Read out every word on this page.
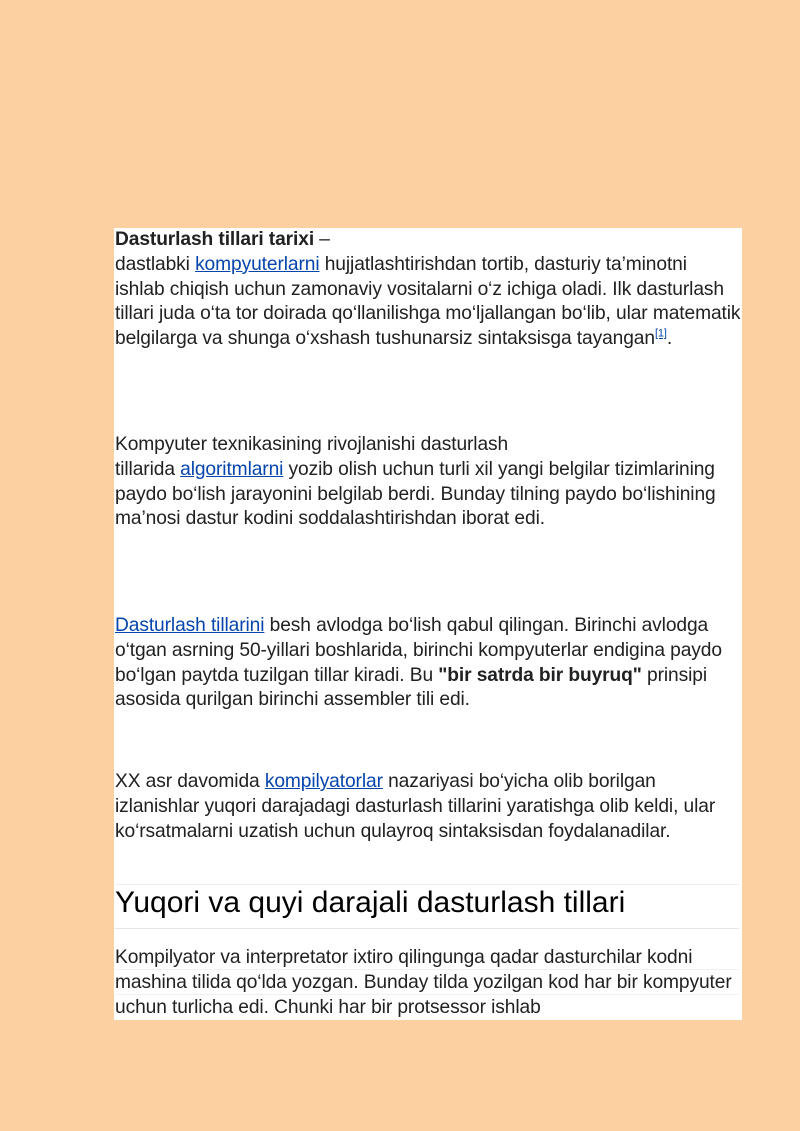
Dasturlash tillari tarixi –
dastlabki kompyuterlarni hujjatlashtirishdan tortib, dasturiy ta’minotni ishlab chiqish uchun zamonaviy vositalarni o‘z ichiga oladi. Ilk dasturlash tillari juda o‘ta tor doirada qo‘llanilishga mo‘ljallangan bo‘lib, ular matematik belgilarga va shunga o‘xshash tushunarsiz sintaksisga tayangan[1].

Kompyuter texnikasining rivojlanishi dasturlash
tillarida algoritmlarni yozib olish uchun turli xil yangi belgilar tizimlarining paydo bo‘lish jarayonini belgilab berdi. Bunday tilning paydo bo‘lishining ma’nosi dastur kodini soddalashtirishdan iborat edi.

Dasturlash tillarini besh avlodga bo‘lish qabul qilingan. Birinchi avlodga o‘tgan asrning 50-yillari boshlarida, birinchi kompyuterlar endigina paydo bo‘lgan paytda tuzilgan tillar kiradi. Bu "bir satrda bir buyruq" prinsipi asosida qurilgan birinchi assembler tili edi.

XX asr davomida kompilyatorlar nazariyasi bo‘yicha olib borilgan izlanishlar yuqori darajadagi dasturlash tillarini yaratishga olib keldi, ular ko‘rsatmalarni uzatish uchun qulayroq sintaksisdan foydalanadilar.

Yuqori va quyi darajali dasturlash tillari

Kompilyator va interpretator ixtiro qilingunga qadar dasturchilar kodni mashina tilida qo‘lda yozgan. Bunday tilda yozilgan kod har bir kompyuter uchun turlicha edi. Chunki har bir protsessor ishlab
